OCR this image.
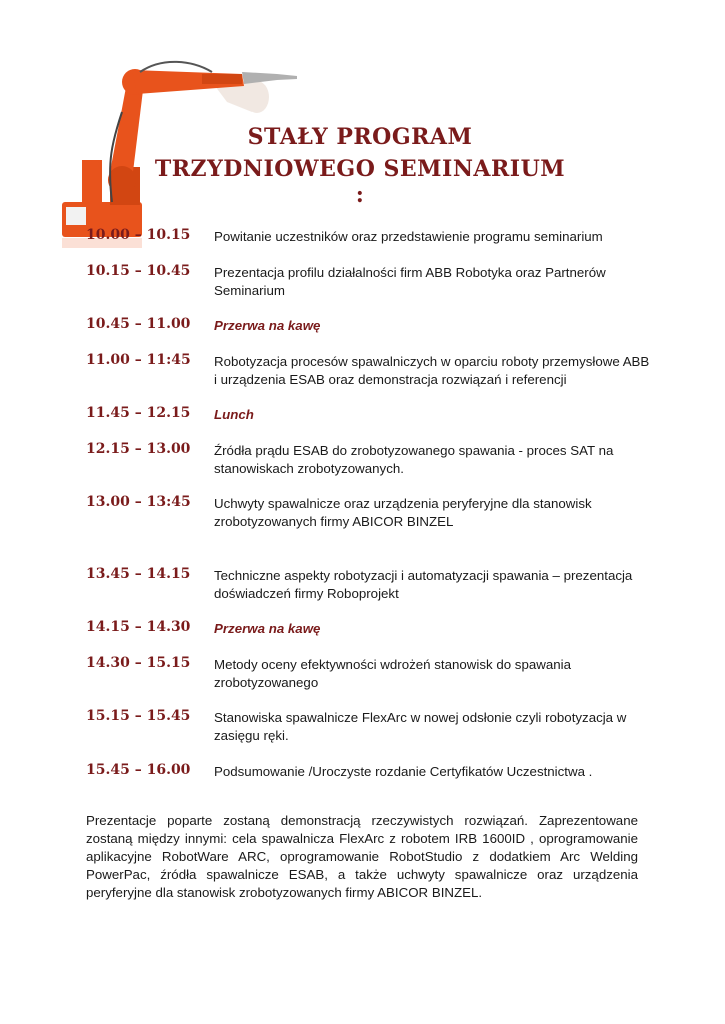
STAŁY PROGRAM
TRZYDNIOWEGO SEMINARIUM :
10.00 – 10.15	Powitanie uczestników oraz przedstawienie programu seminarium
10.15 – 10.45	Prezentacja profilu działalności firm ABB Robotyka oraz Partnerów Seminarium
10.45 – 11.00	Przerwa na kawę
11.00 – 11:45	Robotyzacja procesów spawalniczych w oparciu roboty przemysłowe ABB i urządzenia ESAB oraz demonstracja rozwiązań i referencji
11.45 – 12.15	Lunch
12.15 – 13.00	Źródła prądu ESAB do zrobotyzowanego spawania - proces SAT na stanowiskach zrobotyzowanych.
13.00 – 13:45	Uchwyty spawalnicze oraz urządzenia peryferyjne dla stanowisk zrobotyzowanych firmy ABICOR BINZEL
13.45 – 14.15	Techniczne aspekty robotyzacji i automatyzacji spawania – prezentacja doświadczeń firmy Roboprojekt
14.15 – 14.30	Przerwa na kawę
14.30 – 15.15	Metody oceny efektywności wdrożeń stanowisk do spawania zrobotyzowanego
15.15 – 15.45	Stanowiska spawalnicze FlexArc w nowej odsłonie czyli robotyzacja w zasięgu ręki.
15.45 – 16.00	Podsumowanie /Uroczyste rozdanie Certyfikatów Uczestnictwa .
Prezentacje poparte zostaną demonstracją rzeczywistych rozwiązań. Zaprezentowane zostaną między innymi: cela spawalnicza FlexArc z robotem IRB 1600ID , oprogramowanie aplikacyjne RobotWare ARC, oprogramowanie RobotStudio z dodatkiem Arc Welding PowerPac, źródła spawalnicze ESAB, a także uchwyty spawalnicze oraz urządzenia peryferyjne dla stanowisk zrobotyzowanych firmy ABICOR BINZEL.
